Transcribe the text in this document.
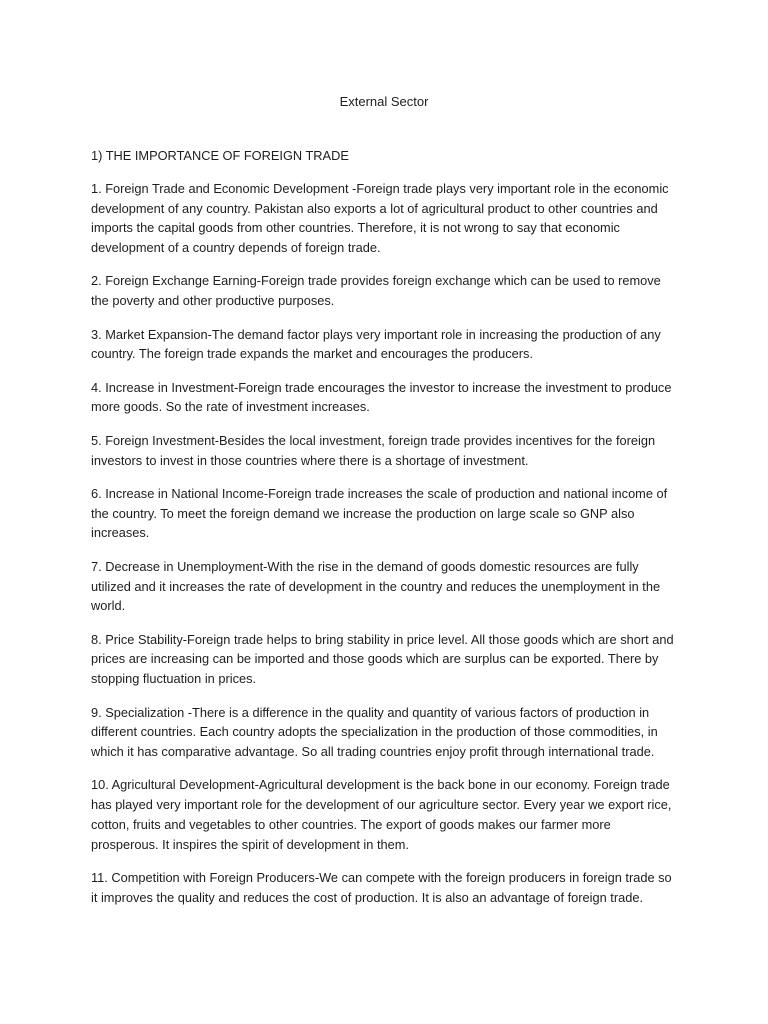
External Sector

1) THE IMPORTANCE OF FOREIGN TRADE

1. Foreign Trade and Economic Development -Foreign trade plays very important role in the economic development of any country. Pakistan also exports a lot of agricultural product to other countries and imports the capital goods from other countries. Therefore, it is not wrong to say that economic development of a country depends of foreign trade.

2. Foreign Exchange Earning-Foreign trade provides foreign exchange which can be used to remove the poverty and other productive purposes.

3. Market Expansion-The demand factor plays very important role in increasing the production of any country. The foreign trade expands the market and encourages the producers.

4. Increase in Investment-Foreign trade encourages the investor to increase the investment to produce more goods. So the rate of investment increases.

5. Foreign Investment-Besides the local investment, foreign trade provides incentives for the foreign investors to invest in those countries where there is a shortage of investment.

6. Increase in National Income-Foreign trade increases the scale of production and national income of the country. To meet the foreign demand we increase the production on large scale so GNP also increases.

7. Decrease in Unemployment-With the rise in the demand of goods domestic resources are fully utilized and it increases the rate of development in the country and reduces the unemployment in the world.

8. Price Stability-Foreign trade helps to bring stability in price level. All those goods which are short and prices are increasing can be imported and those goods which are surplus can be exported. There by stopping fluctuation in prices.

9. Specialization -There is a difference in the quality and quantity of various factors of production in different countries. Each country adopts the specialization in the production of those commodities, in which it has comparative advantage. So all trading countries enjoy profit through international trade.

10. Agricultural Development-Agricultural development is the back bone in our economy. Foreign trade has played very important role for the development of our agriculture sector. Every year we export rice, cotton, fruits and vegetables to other countries. The export of goods makes our farmer more prosperous. It inspires the spirit of development in them.

11. Competition with Foreign Producers-We can compete with the foreign producers in foreign trade so it improves the quality and reduces the cost of production. It is also an advantage of foreign trade.
